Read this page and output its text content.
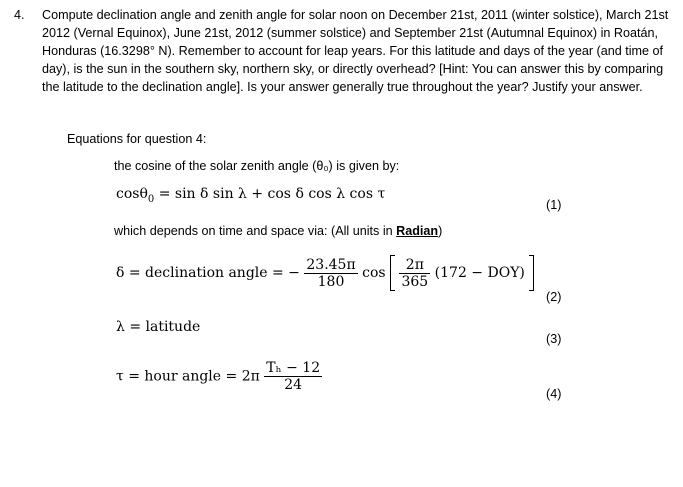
4. Compute declination angle and zenith angle for solar noon on December 21st, 2011 (winter solstice), March 21st 2012 (Vernal Equinox), June 21st, 2012 (summer solstice) and September 21st (Autumnal Equinox) in Roatán, Honduras (16.3298° N). Remember to account for leap years. For this latitude and days of the year (and time of day), is the sun in the southern sky, northern sky, or directly overhead? [Hint: You can answer this by comparing the latitude to the declination angle]. Is your answer generally true throughout the year? Justify your answer.
Equations for question 4:
the cosine of the solar zenith angle (θ₀) is given by:
cosθ$_0$ = sin δ sin λ + cos δ cos λ cos τ
(1)
which depends on time and space via: (All units in Radian)
δ = declination angle = − $\frac{23.45\pi}{180}$ $\cos \frac{2\pi}{365} (172 - DOY)$
(2)
λ = latitude
(3)
τ = hour angle = $2\pi \frac{\text{Tₕ − 12}}{24}$
(4)
